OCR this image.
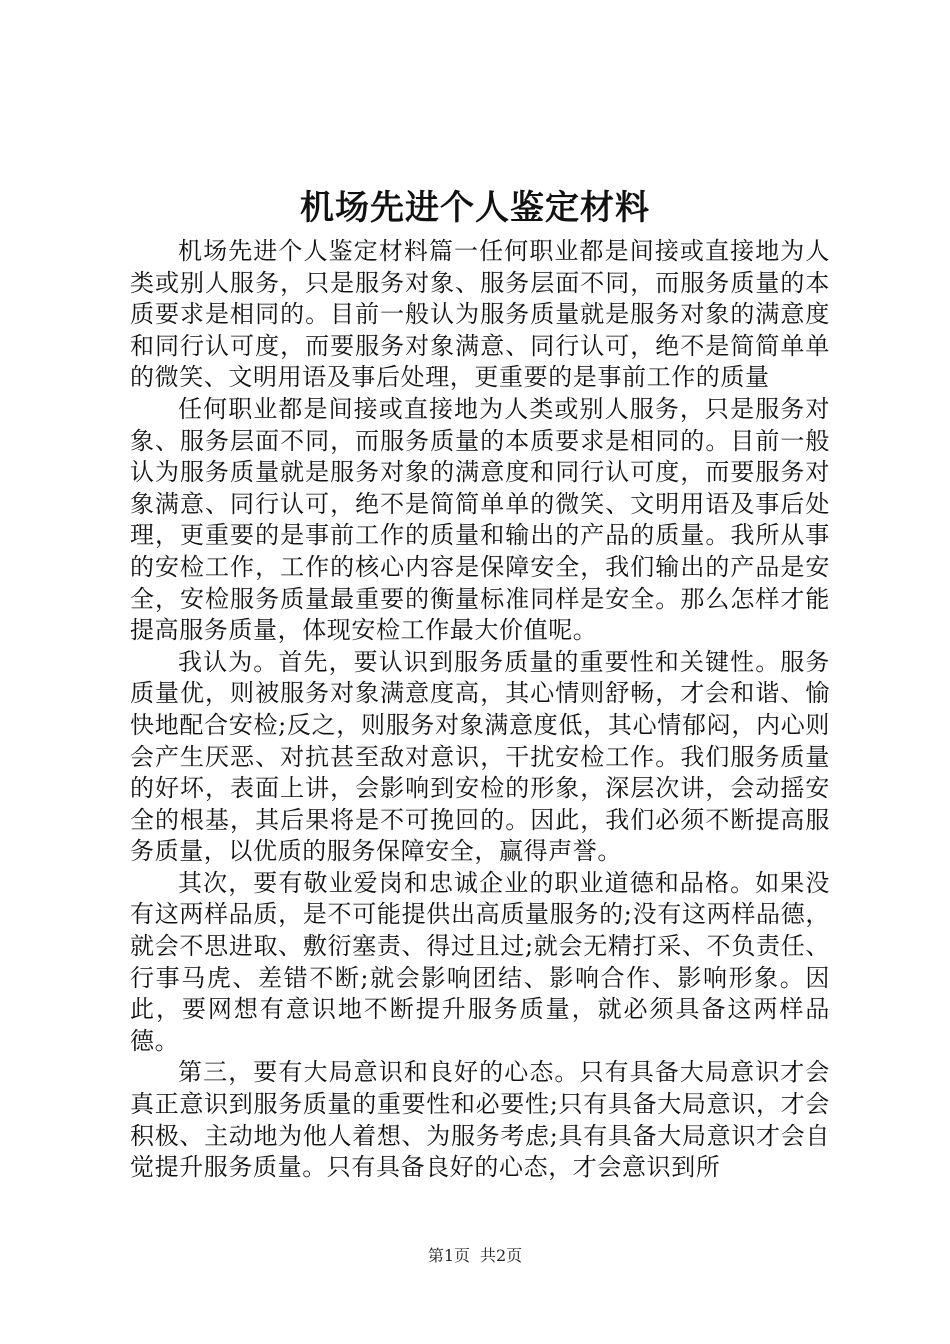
机场先进个人鉴定材料

机场先进个人鉴定材料篇一任何职业都是间接或直接地为人类或别人服务，只是服务对象、服务层面不同，而服务质量的本质要求是相同的。目前一般认为服务质量就是服务对象的满意度和同行认可度，而要服务对象满意、同行认可，绝不是简简单单的微笑、文明用语及事后处理，更重要的是事前工作的质量

任何职业都是间接或直接地为人类或别人服务，只是服务对象、服务层面不同，而服务质量的本质要求是相同的。目前一般认为服务质量就是服务对象的满意度和同行认可度，而要服务对象满意、同行认可，绝不是简简单单的微笑、文明用语及事后处理，更重要的是事前工作的质量和输出的产品的质量。我所从事的安检工作，工作的核心内容是保障安全，我们输出的产品是安全，安检服务质量最重要的衡量标准同样是安全。那么怎样才能提高服务质量，体现安检工作最大价值呢。

我认为。首先，要认识到服务质量的重要性和关键性。服务质量优，则被服务对象满意度高，其心情则舒畅，才会和谐、愉快地配合安检;反之，则服务对象满意度低，其心情郁闷，内心则会产生厌恶、对抗甚至敌对意识，干扰安检工作。我们服务质量的好坏，表面上讲，会影响到安检的形象，深层次讲，会动摇安全的根基，其后果将是不可挽回的。因此，我们必须不断提高服务质量，以优质的服务保障安全，赢得声誉。

其次，要有敬业爱岗和忠诚企业的职业道德和品格。如果没有这两样品质，是不可能提供出高质量服务的;没有这两样品德，就会不思进取、敷衍塞责、得过且过;就会无精打采、不负责任、行事马虎、差错不断;就会影响团结、影响合作、影响形象。因此，要网想有意识地不断提升服务质量，就必须具备这两样品德。

第三，要有大局意识和良好的心态。只有具备大局意识才会真正意识到服务质量的重要性和必要性;只有具备大局意识，才会积极、主动地为他人着想、为服务考虑;具有具备大局意识才会自觉提升服务质量。只有具备良好的心态，才会意识到所

第1页 共2页
